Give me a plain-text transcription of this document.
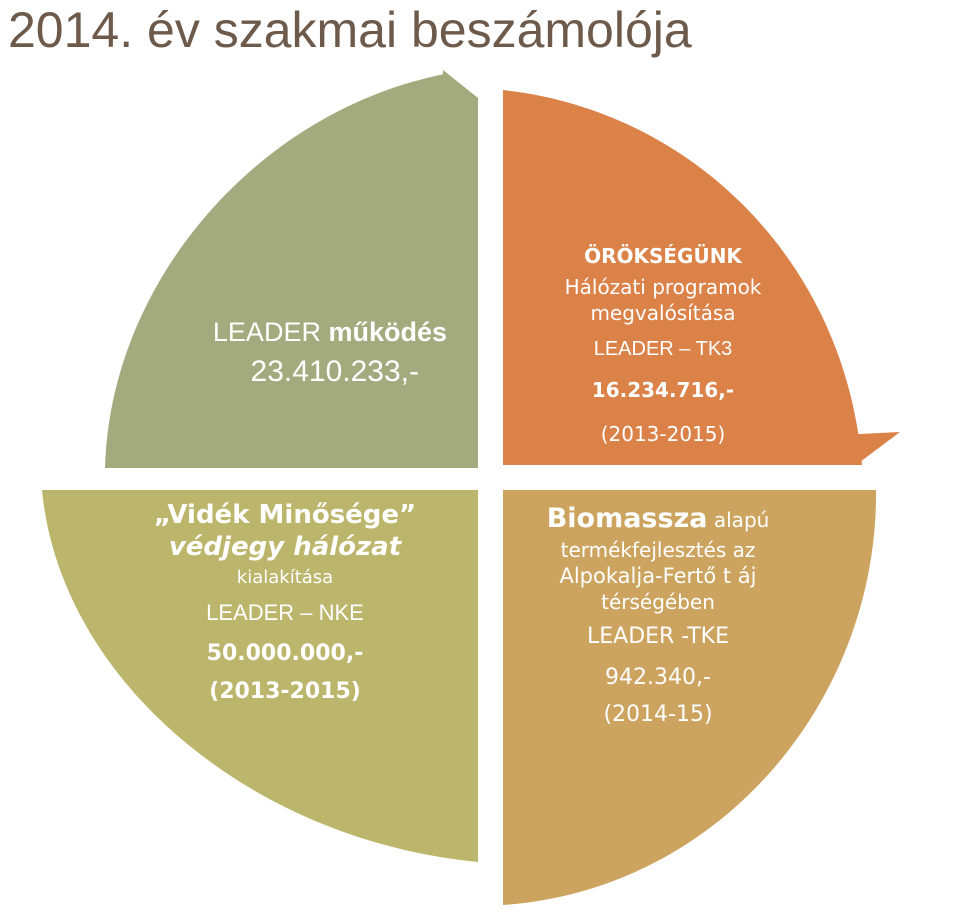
2014. év szakmai beszámolója
LEADER működés
23.410.233,-
ÖRÖKSÉGÜNK
Hálózati programok
megvalósítása
LEADER – TK3
16.234.716,-
(2013-2015)
„Vidék Minősége”
védjegy hálózat
kialakítása
LEADER – NKE
50.000.000,-
(2013-2015)
Biomassza alapú
termékfejlesztés az
Alpokalja-Fertő t áj
térségében
LEADER -TKE
942.340,-
(2014-15)
